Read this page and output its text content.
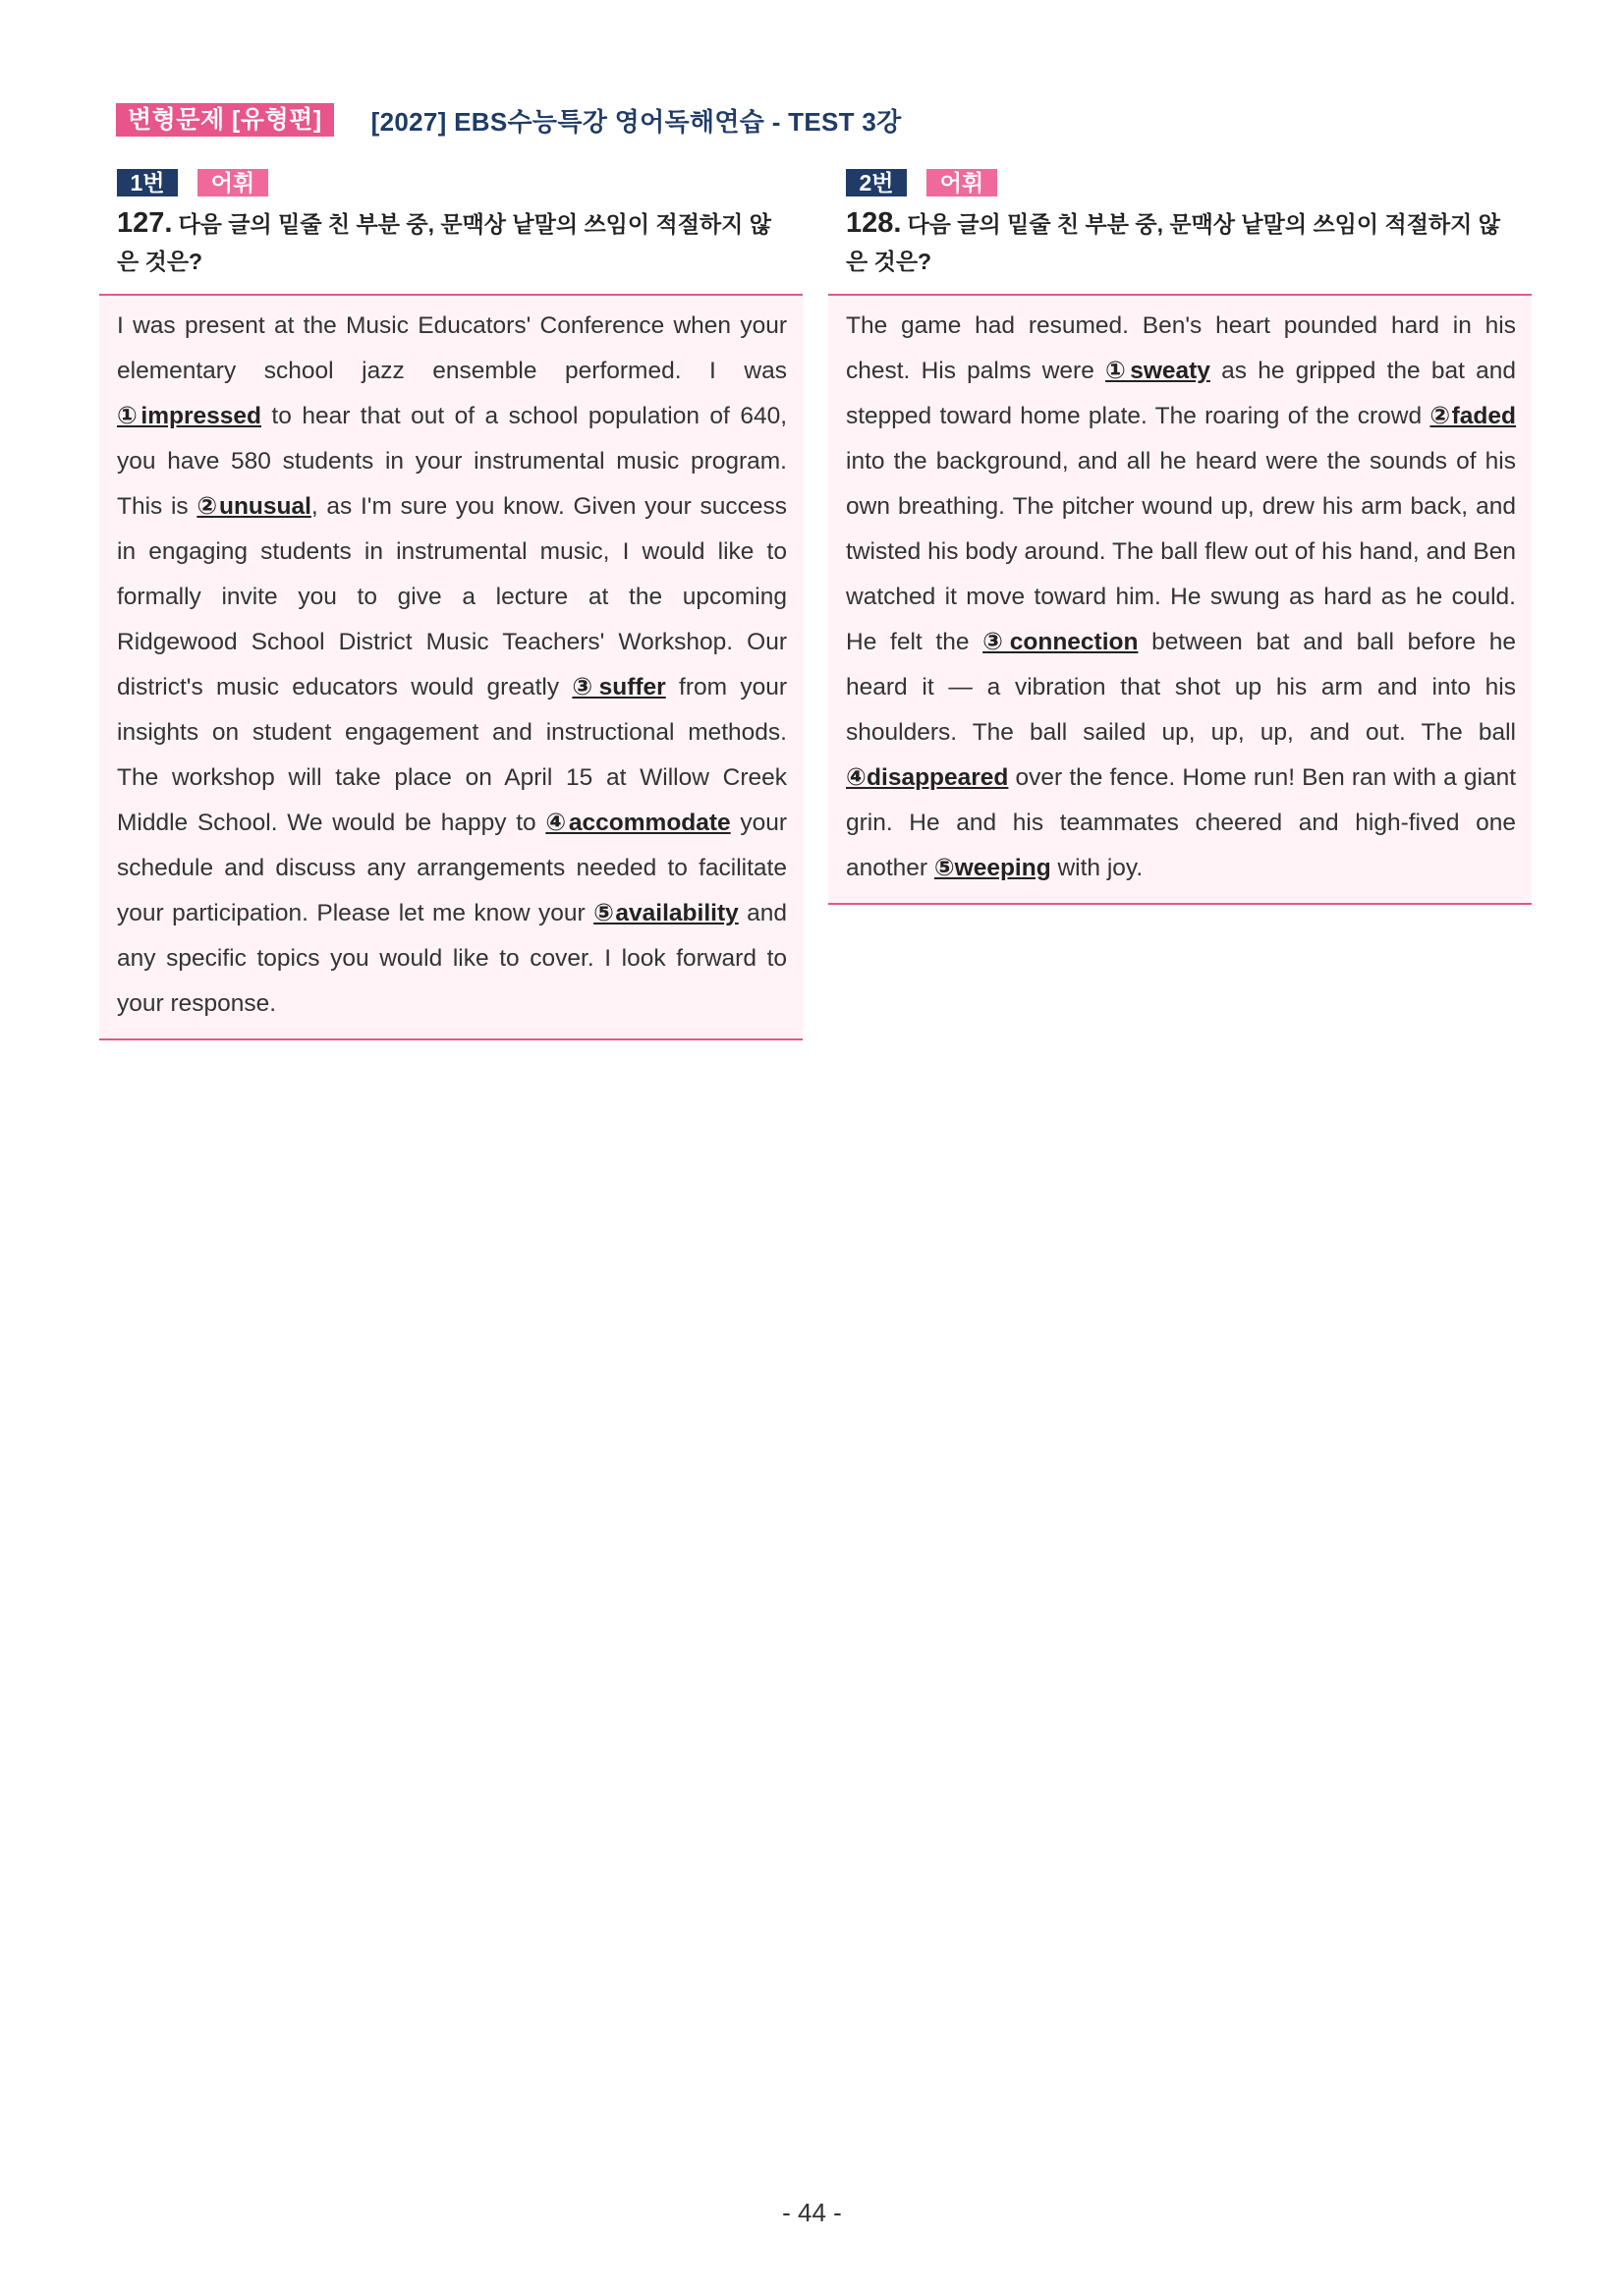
변형문제 [유형편]	[2027] EBS수능특강 영어독해연습 - TEST 3강
1번	어휘
127. 다음 글의 밑줄 친 부분 중, 문맥상 낱말의 쓰임이 적절하지 않은 것은?
I was present at the Music Educators' Conference when your elementary school jazz ensemble performed. I was ①impressed to hear that out of a school population of 640, you have 580 students in your instrumental music program. This is ②unusual, as I'm sure you know. Given your success in engaging students in instrumental music, I would like to formally invite you to give a lecture at the upcoming Ridgewood School District Music Teachers' Workshop. Our district's music educators would greatly ③suffer from your insights on student engagement and instructional methods. The workshop will take place on April 15 at Willow Creek Middle School. We would be happy to ④accommodate your schedule and discuss any arrangements needed to facilitate your participation. Please let me know your ⑤availability and any specific topics you would like to cover. I look forward to your response.
2번	어휘
128. 다음 글의 밑줄 친 부분 중, 문맥상 낱말의 쓰임이 적절하지 않은 것은?
The game had resumed. Ben's heart pounded hard in his chest. His palms were ①sweaty as he gripped the bat and stepped toward home plate. The roaring of the crowd ②faded into the background, and all he heard were the sounds of his own breathing. The pitcher wound up, drew his arm back, and twisted his body around. The ball flew out of his hand, and Ben watched it move toward him. He swung as hard as he could. He felt the ③connection between bat and ball before he heard it — a vibration that shot up his arm and into his shoulders. The ball sailed up, up, up, and out. The ball ④disappeared over the fence. Home run! Ben ran with a giant grin. He and his teammates cheered and high-fived one another ⑤weeping with joy.
- 44 -
